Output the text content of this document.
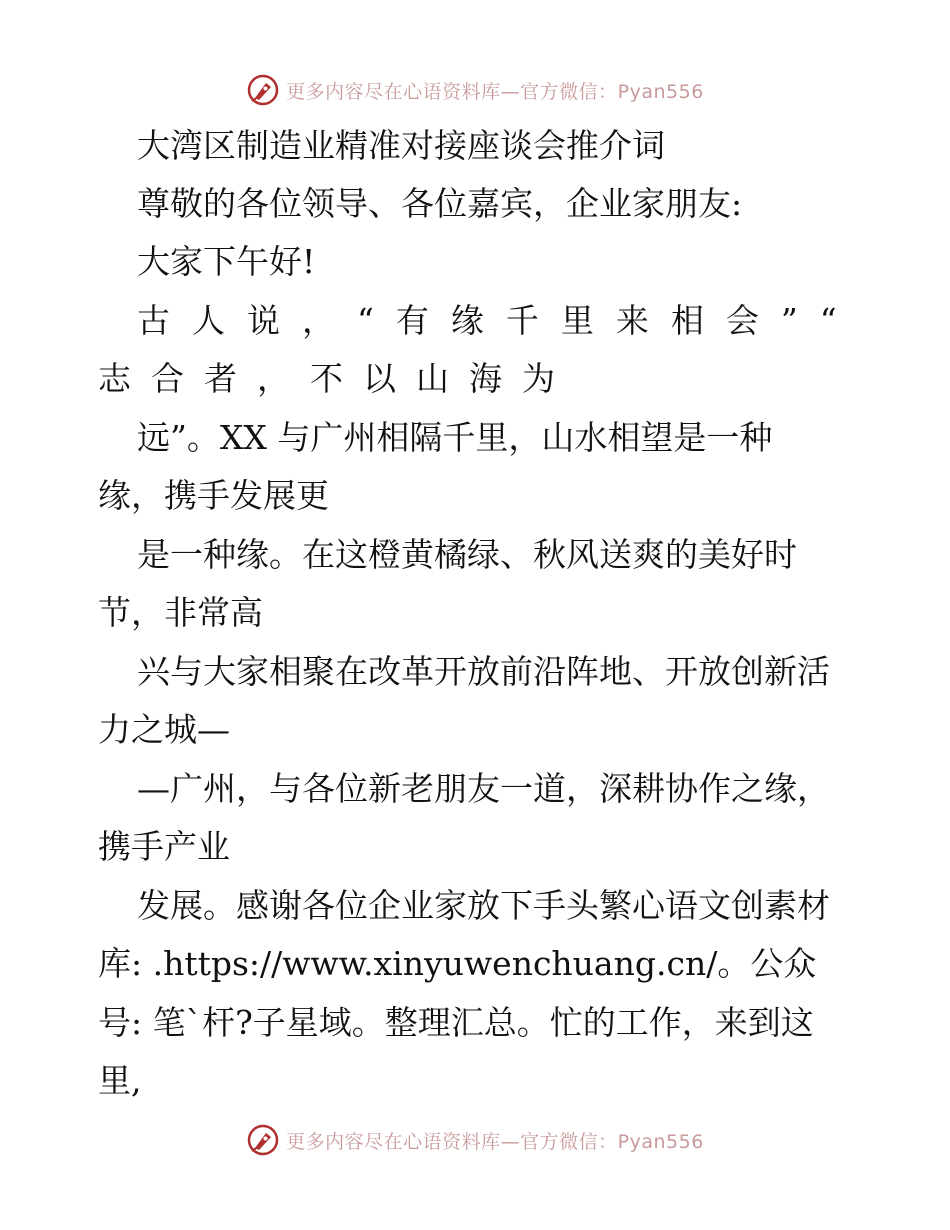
更多内容尽在心语资料库—官方微信：Pyan556
大湾区制造业精准对接座谈会推介词
尊敬的各位领导、各位嘉宾，企业家朋友:
大家下午好!
古人说，“有缘千里来相会”“
志合者，不以山海为
远”。XX 与广州相隔千里，山水相望是一种
缘，携手发展更
是一种缘。在这橙黄橘绿、秋风送爽的美好时
节，非常高
兴与大家相聚在改革开放前沿阵地、开放创新活
力之城—
—广州，与各位新老朋友一道，深耕协作之缘，
携手产业
发展。感谢各位企业家放下手头繁心语文创素材
库: .https://www.xinyuwenchuang.cn/。公众
号: 笔`杆?子星域。整理汇总。忙的工作，来到这
里,
更多内容尽在心语资料库—官方微信：Pyan556
